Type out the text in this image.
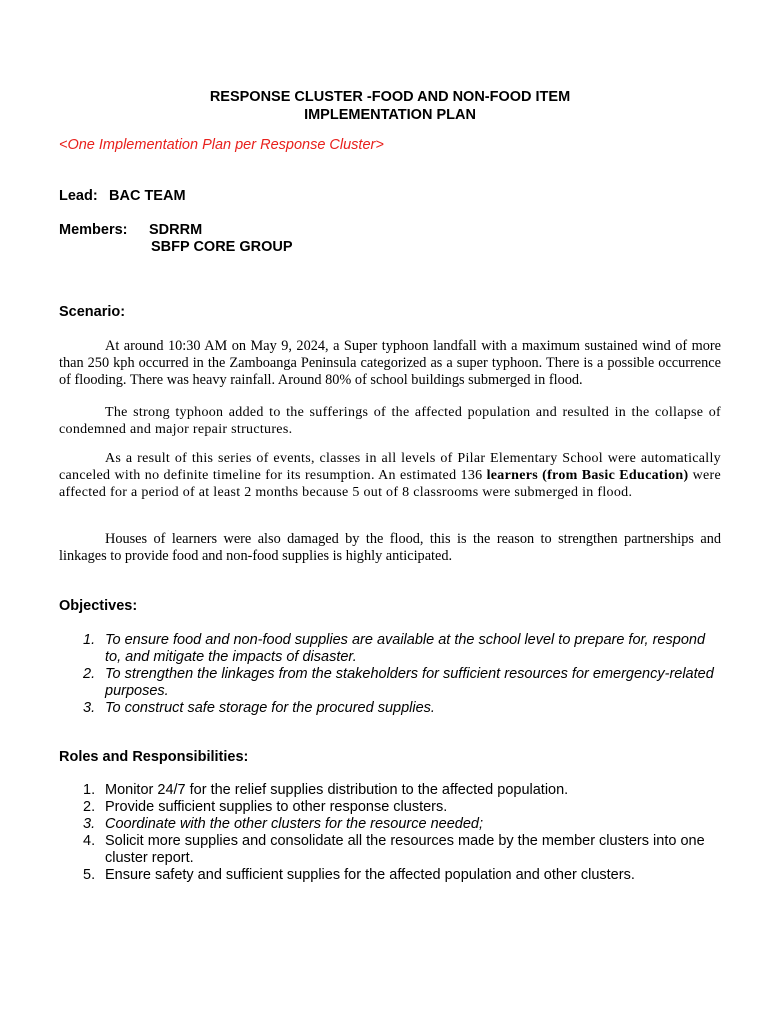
RESPONSE CLUSTER -FOOD AND NON-FOOD ITEM
IMPLEMENTATION PLAN
<One Implementation Plan per Response Cluster>
Lead: BAC TEAM
Members: SDRRM
SBFP CORE GROUP
Scenario:

At around 10:30 AM on May 9, 2024, a Super typhoon landfall with a maximum sustained wind of more than 250 kph occurred in the Zamboanga Peninsula categorized as a super typhoon. There is a possible occurrence of flooding. There was heavy rainfall. Around 80% of school buildings submerged in flood.

The strong typhoon added to the sufferings of the affected population and resulted in the collapse of condemned and major repair structures.

As a result of this series of events, classes in all levels of Pilar Elementary School were automatically canceled with no definite timeline for its resumption. An estimated 136 learners (from Basic Education) were affected for a period of at least 2 months because 5 out of 8 classrooms were submerged in flood.

Houses of learners were also damaged by the flood, this is the reason to strengthen partnerships and linkages to provide food and non-food supplies is highly anticipated.

Objectives:
1. To ensure food and non-food supplies are available at the school level to prepare for, respond to, and mitigate the impacts of disaster.
2. To strengthen the linkages from the stakeholders for sufficient resources for emergency-related purposes.
3. To construct safe storage for the procured supplies.
Roles and Responsibilities:
1. Monitor 24/7 for the relief supplies distribution to the affected population.
2. Provide sufficient supplies to other response clusters.
3. Coordinate with the other clusters for the resource needed;
4. Solicit more supplies and consolidate all the resources made by the member clusters into one cluster report.
5. Ensure safety and sufficient supplies for the affected population and other clusters.
